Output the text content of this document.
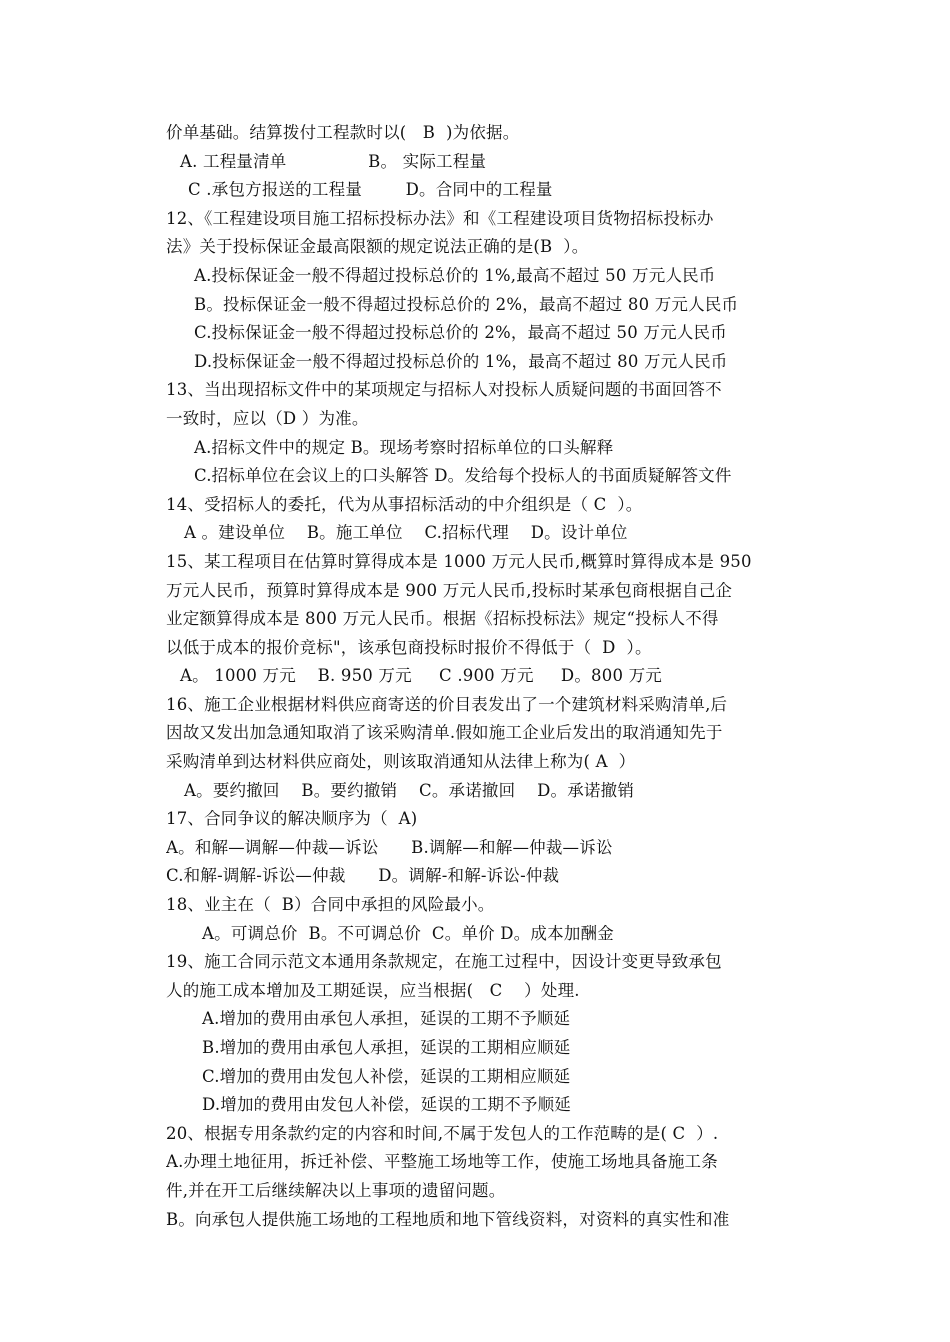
价单基础。结算拨付工程款时以(   B  )为依据。
A. 工程量清单               B。 实际工程量
C .承包方报送的工程量        D。合同中的工程量
12、《工程建设项目施工招标投标办法》和《工程建设项目货物招标投标办
法》关于投标保证金最高限额的规定说法正确的是(B  ）。
A.投标保证金一般不得超过投标总价的 1%,最高不超过 50 万元人民币
B。投标保证金一般不得超过投标总价的 2%，最高不超过 80 万元人民币
C.投标保证金一般不得超过投标总价的 2%，最高不超过 50 万元人民币
D.投标保证金一般不得超过投标总价的 1%，最高不超过 80 万元人民币
13、当出现招标文件中的某项规定与招标人对投标人质疑问题的书面回答不
一致时，应以（D ）为准。
A.招标文件中的规定 B。现场考察时招标单位的口头解释
C.招标单位在会议上的口头解答 D。发给每个投标人的书面质疑解答文件
14、受招标人的委托，代为从事招标活动的中介组织是（ C  ）。
A 。建设单位    B。施工单位    C.招标代理    D。设计单位
15、某工程项目在估算时算得成本是 1000 万元人民币,概算时算得成本是 950
万元人民币，预算时算得成本是 900 万元人民币,投标时某承包商根据自己企
业定额算得成本是 800 万元人民币。根据《招标投标法》规定“投标人不得
以低于成本的报价竞标"，该承包商投标时报价不得低于（  D  ）。
A。 1000 万元    B. 950 万元     C .900 万元     D。800 万元
16、施工企业根据材料供应商寄送的价目表发出了一个建筑材料采购清单,后
因故又发出加急通知取消了该采购清单.假如施工企业后发出的取消通知先于
采购清单到达材料供应商处，则该取消通知从法律上称为( A  ）
A。要约撤回    B。要约撤销    C。承诺撤回    D。承诺撤销
17、合同争议的解决顺序为（  A)
A。和解—调解—仲裁—诉讼      B.调解—和解—仲裁—诉讼
C.和解-调解-诉讼—仲裁      D。调解-和解-诉讼-仲裁
18、业主在（  B）合同中承担的风险最小。
A。可调总价  B。不可调总价  C。单价 D。成本加酬金
19、施工合同示范文本通用条款规定，在施工过程中，因设计变更导致承包
人的施工成本增加及工期延误，应当根据(   C    ）处理.
A.增加的费用由承包人承担，延误的工期不予顺延
B.增加的费用由承包人承担，延误的工期相应顺延
C.增加的费用由发包人补偿，延误的工期相应顺延
D.增加的费用由发包人补偿，延误的工期不予顺延
20、根据专用条款约定的内容和时间,不属于发包人的工作范畴的是( C  ）.
A.办理土地征用，拆迁补偿、平整施工场地等工作，使施工场地具备施工条
件,并在开工后继续解决以上事项的遗留问题。
B。向承包人提供施工场地的工程地质和地下管线资料，对资料的真实性和准
